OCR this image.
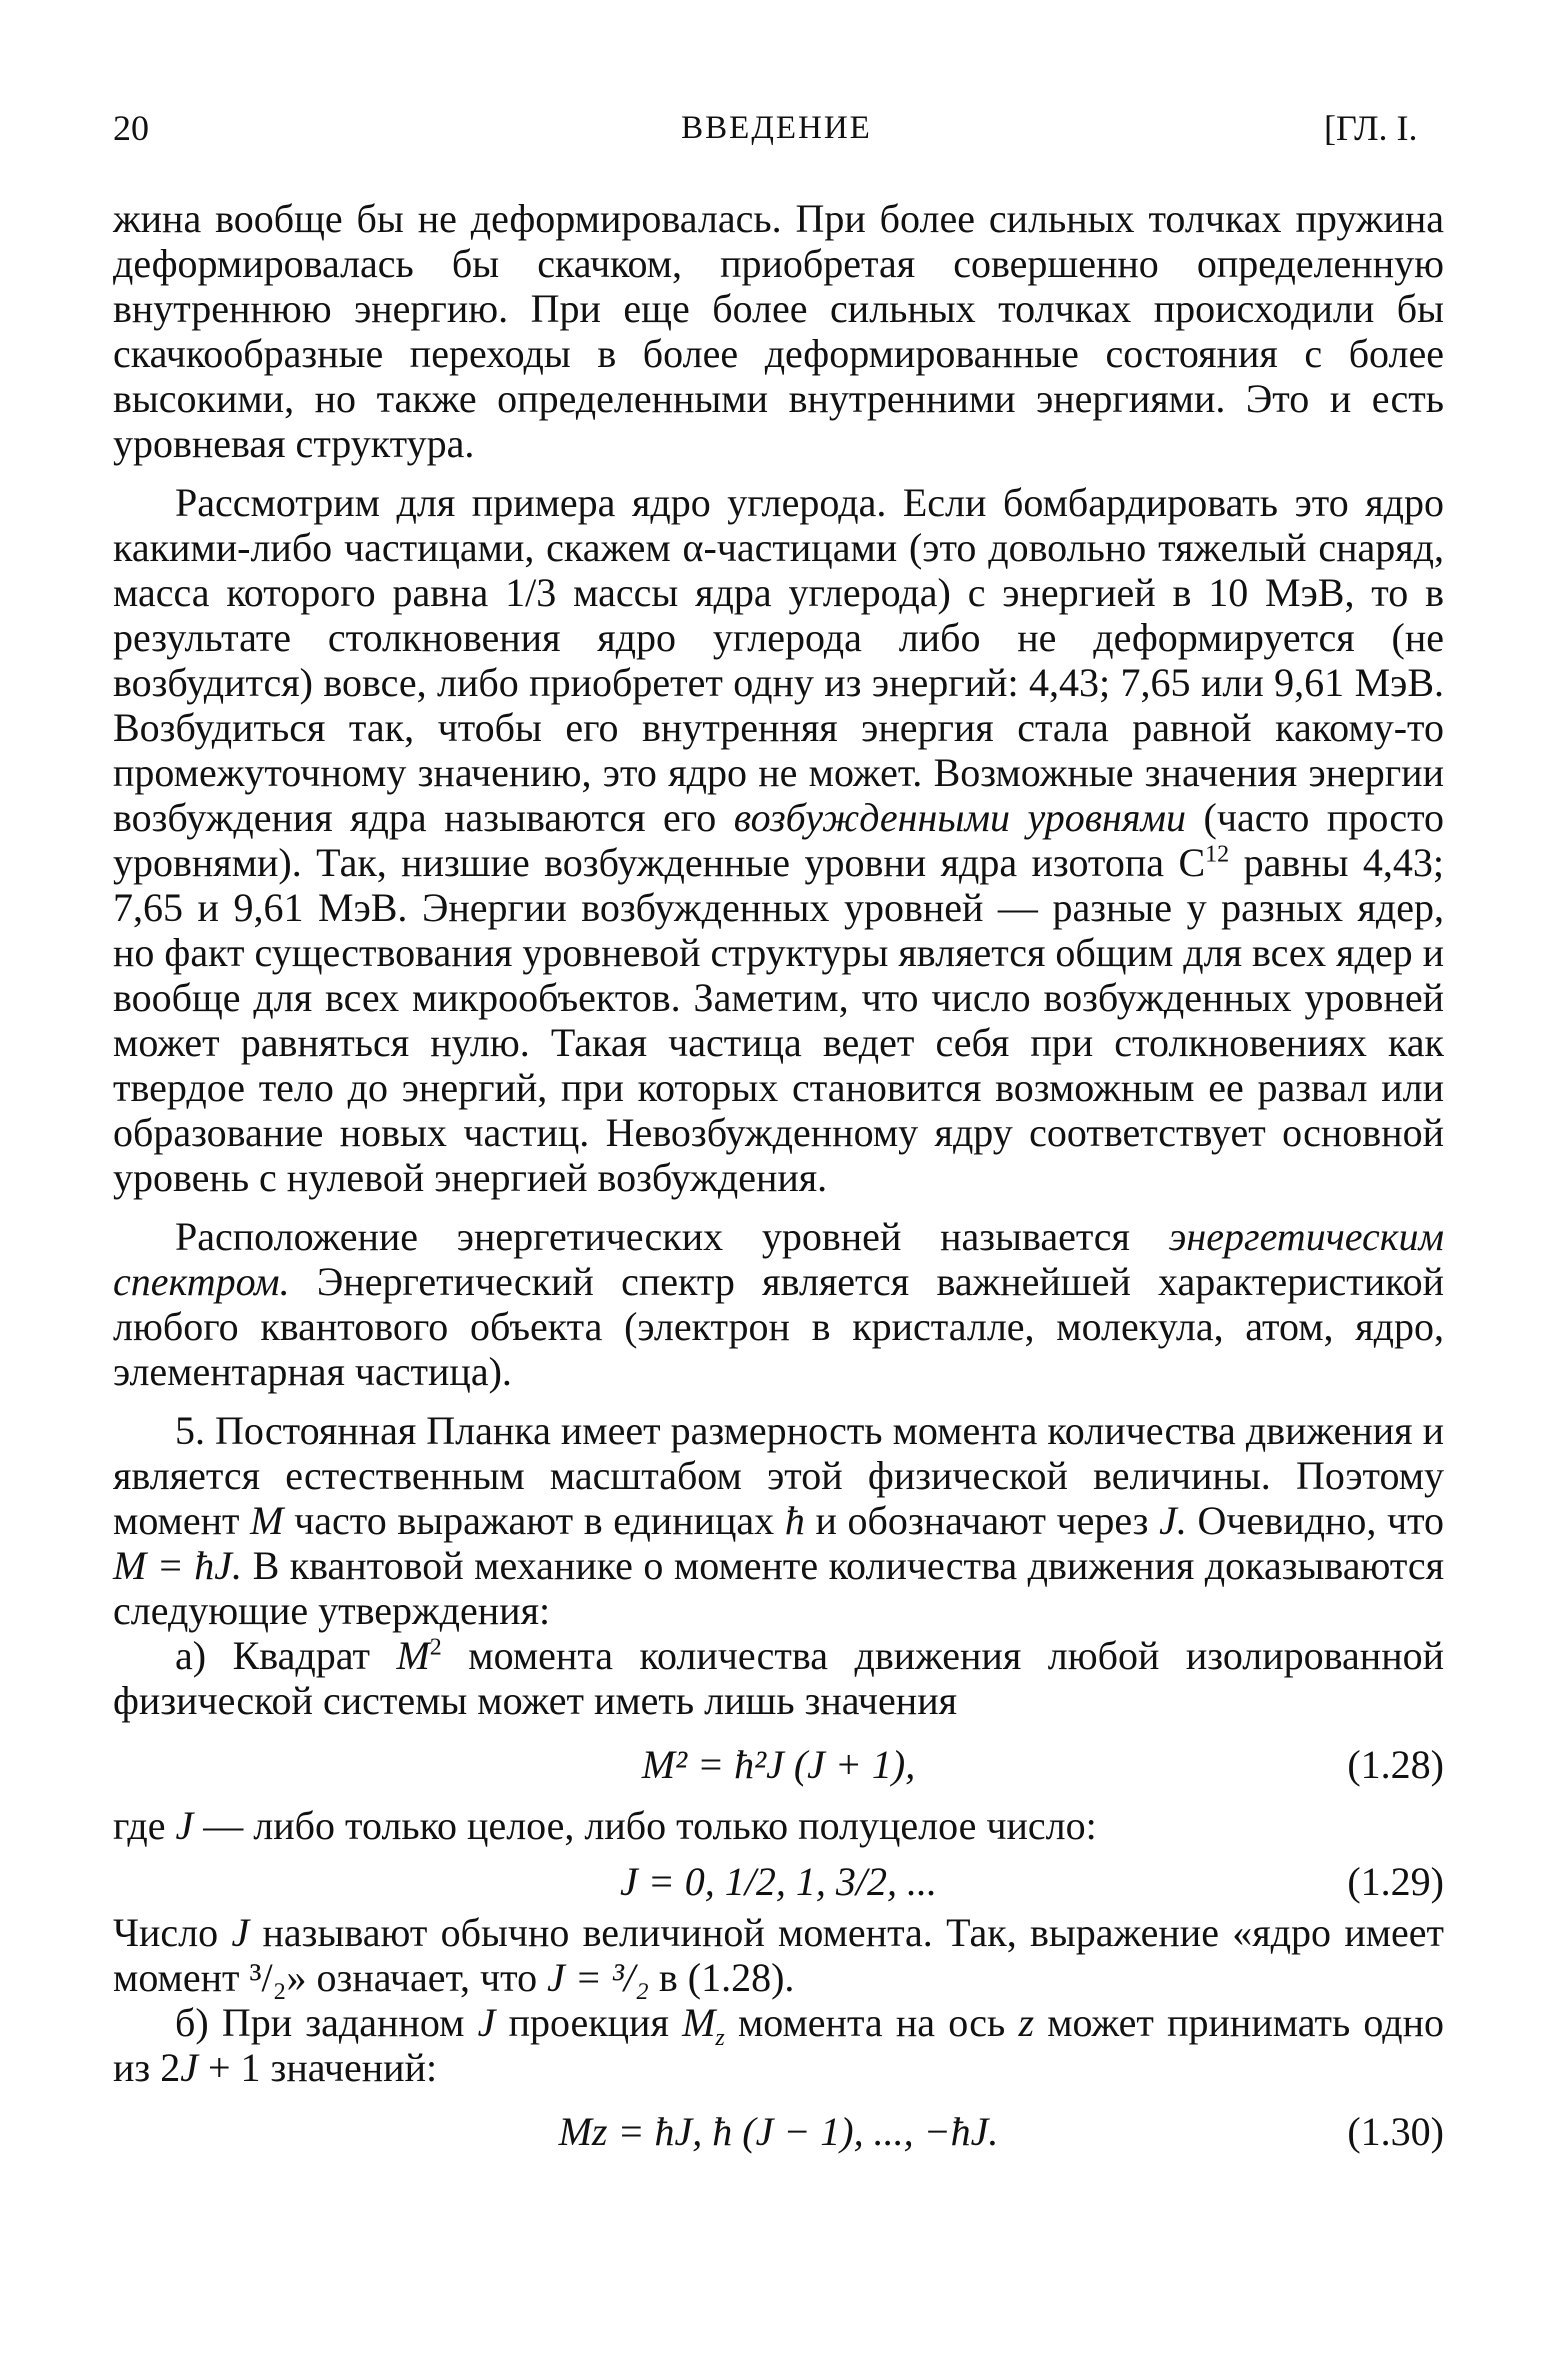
20	ВВЕДЕНИЕ	[ГЛ. I.

жина вообще бы не деформировалась. При более сильных толчках пружина деформировалась бы скачком, приобретая совершенно определенную внутреннюю энергию. При еще более сильных толчках происходили бы скачкообразные переходы в более деформированные состояния с более высокими, но также определенными внутренними энергиями. Это и есть уровневая структура.

Рассмотрим для примера ядро углерода. Если бомбардировать это ядро какими-либо частицами, скажем α-частицами (это довольно тяжелый снаряд, масса которого равна 1/3 массы ядра углерода) с энергией в 10 МэВ, то в результате столкновения ядро углерода либо не деформируется (не возбудится) вовсе, либо приобретет одну из энергий: 4,43; 7,65 или 9,61 МэВ. Возбудиться так, чтобы его внутренняя энергия стала равной какому-то промежуточному значению, это ядро не может. Возможные значения энергии возбуждения ядра называются его возбужденными уровнями (часто просто уровнями). Так, низшие возбужденные уровни ядра изотопа $C^{12}$ равны 4,43; 7,65 и 9,61 МэВ. Энергии возбужденных уровней — разные у разных ядер, но факт существования уровневой структуры является общим для всех ядер и вообще для всех микрообъектов. Заметим, что число возбужденных уровней может равняться нулю. Такая частица ведет себя при столкновениях как твердое тело до энергий, при которых становится возможным ее развал или образование новых частиц. Невозбужденному ядру соответствует основной уровень с нулевой энергией возбуждения.

Расположение энергетических уровней называется энергетическим спектром. Энергетический спектр является важнейшей характеристикой любого квантового объекта (электрон в кристалле, молекула, атом, ядро, элементарная частица).

5. Постоянная Планка имеет размерность момента количества движения и является естественным масштабом этой физической величины. Поэтому момент M часто выражают в единицах ħ и обозначают через J. Очевидно, что M = ħJ. В квантовой механике о моменте количества движения доказываются следующие утверждения:

а) Квадрат $M^2$ момента количества движения любой изолированной физической системы может иметь лишь значения

M² = ħ²J (J + 1),	(1.28)

где J — либо только целое, либо только полуцелое число:

J = 0, 1/2, 1, 3/2, ...	(1.29)

Число J называют обычно величиной момента. Так, выражение «ядро имеет момент ³/₂» означает, что J = ³/₂ в (1.28).

б) При заданном J проекция $M_z$ момента на ось z может принимать одно из 2J + 1 значений:

Mz = ħJ, ħ (J − 1), ..., −ħJ.	(1.30)
